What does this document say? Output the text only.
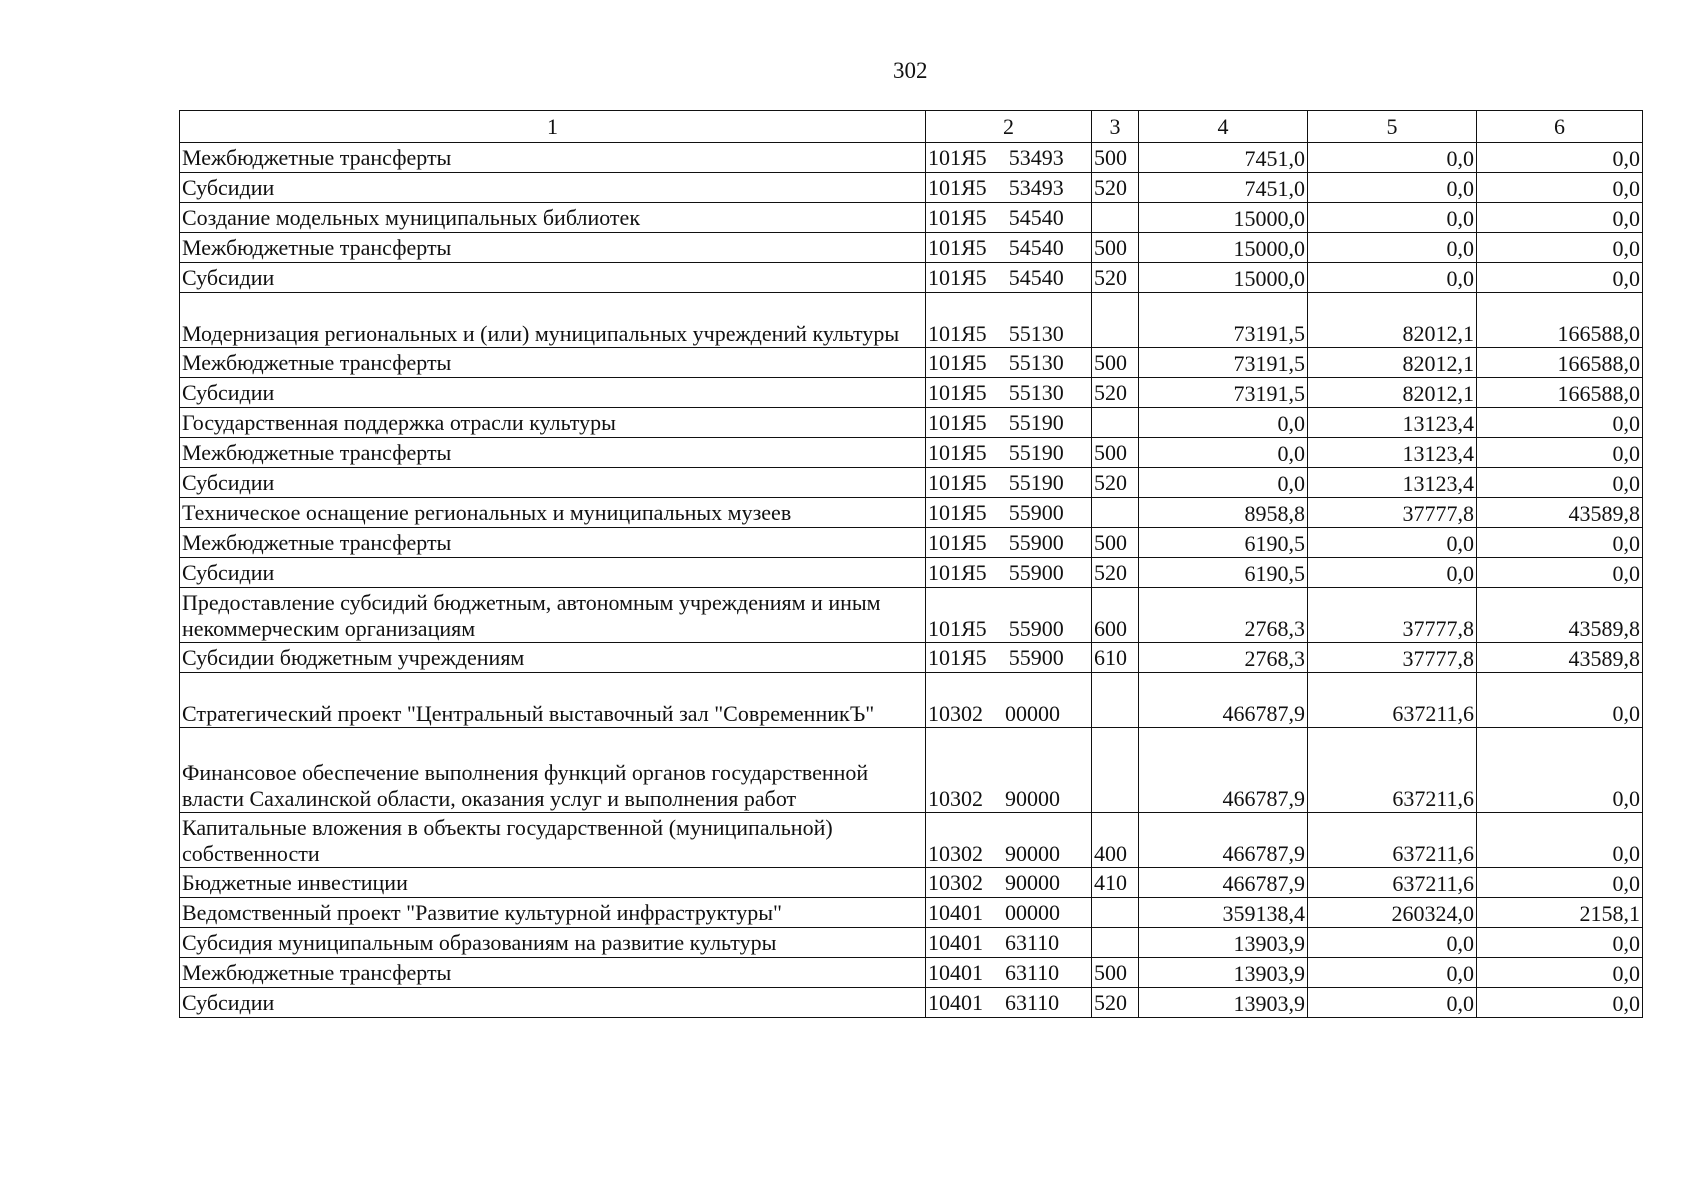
302
1	2	3	4	5	6
Межбюджетные трансферты	101Я5 53493	500	7451,0	0,0	0,0
Субсидии	101Я5 53493	520	7451,0	0,0	0,0
Создание модельных муниципальных библиотек	101Я5 54540		15000,0	0,0	0,0
Межбюджетные трансферты	101Я5 54540	500	15000,0	0,0	0,0
Субсидии	101Я5 54540	520	15000,0	0,0	0,0
Модернизация региональных и (или) муниципальных учреждений культуры	101Я5 55130		73191,5	82012,1	166588,0
Межбюджетные трансферты	101Я5 55130	500	73191,5	82012,1	166588,0
Субсидии	101Я5 55130	520	73191,5	82012,1	166588,0
Государственная поддержка отрасли культуры	101Я5 55190		0,0	13123,4	0,0
Межбюджетные трансферты	101Я5 55190	500	0,0	13123,4	0,0
Субсидии	101Я5 55190	520	0,0	13123,4	0,0
Техническое оснащение региональных и муниципальных музеев	101Я5 55900		8958,8	37777,8	43589,8
Межбюджетные трансферты	101Я5 55900	500	6190,5	0,0	0,0
Субсидии	101Я5 55900	520	6190,5	0,0	0,0
Предоставление субсидий бюджетным, автономным учреждениям и иным некоммерческим организациям	101Я5 55900	600	2768,3	37777,8	43589,8
Субсидии бюджетным учреждениям	101Я5 55900	610	2768,3	37777,8	43589,8
Стратегический проект "Центральный выставочный зал "СовременникЪ"	10302 00000		466787,9	637211,6	0,0
Финансовое обеспечение выполнения функций органов государственной власти Сахалинской области, оказания услуг и выполнения работ	10302 90000		466787,9	637211,6	0,0
Капитальные вложения в объекты государственной (муниципальной) собственности	10302 90000	400	466787,9	637211,6	0,0
Бюджетные инвестиции	10302 90000	410	466787,9	637211,6	0,0
Ведомственный проект "Развитие культурной инфраструктуры"	10401 00000		359138,4	260324,0	2158,1
Субсидия муниципальным образованиям на развитие культуры	10401 63110		13903,9	0,0	0,0
Межбюджетные трансферты	10401 63110	500	13903,9	0,0	0,0
Субсидии	10401 63110	520	13903,9	0,0	0,0
